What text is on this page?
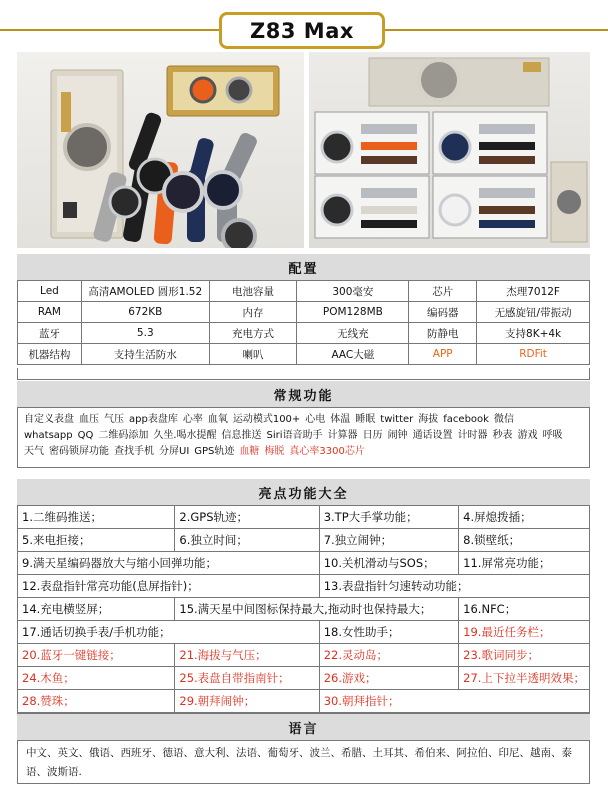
Z83 Max
配置
Led	高清AMOLED 圆形1.52	电池容量	300毫安	芯片	杰理7012F
RAM	672KB	内存	POM128MB	编码器	无感旋钮/带振动
蓝牙	5.3	充电方式	无线充	防静电	支持8K+4k
机器结构	支持生活防水	喇叭	AAC大磁	APP	RDFit
常规功能
自定义表盘 血压 气压 app表盘库 心率 血氧 运动模式100+ 心电 体温 睡眠 twitter 海拔 facebook 微信whatsapp QQ 二维码添加 久坐.喝水提醒 信息推送 Siri语音助手 计算器 日历 闹钟 通话设置 计时器 秒表 游戏 呼吸天气 密码锁屏功能 查找手机 分屏UI GPS轨迹 血糖 梅脱 真心率3300芯片
亮点功能大全
1.二维码推送；	2.GPS轨迹；	3.TP大手掌功能；	4.屏熄拨插；
5.来电拒接；	6.独立时间；	7.独立闹钟；	8.锁壁纸；
9.满天星编码器放大与缩小回弹功能；		10.关机滑动与SOS；	11.屏常亮功能；
12.表盘指针常亮功能(息屏指针)；		13.表盘指针匀速转动功能；	
14.充电横竖屏；	15.满天星中间图标保持最大,拖动时也保持最大；		16.NFC；
17.通话切换手表/手机功能；		18.女性助手；	19.最近任务栏；
20.蓝牙一键链接；	21.海拔与气压；	22.灵动岛；	23.歌词同步；
24.木鱼；	25.表盘自带指南针；	26.游戏；	27.上下拉半透明效果；
28.赞珠；	29.朝拜闹钟；	30.朝拜指针；	
语言
中文、英文、俄语、西班牙、德语、意大利、法语、葡萄牙、波兰、希腊、土耳其、希伯来、阿拉伯、印尼、越南、泰语、波斯语.
